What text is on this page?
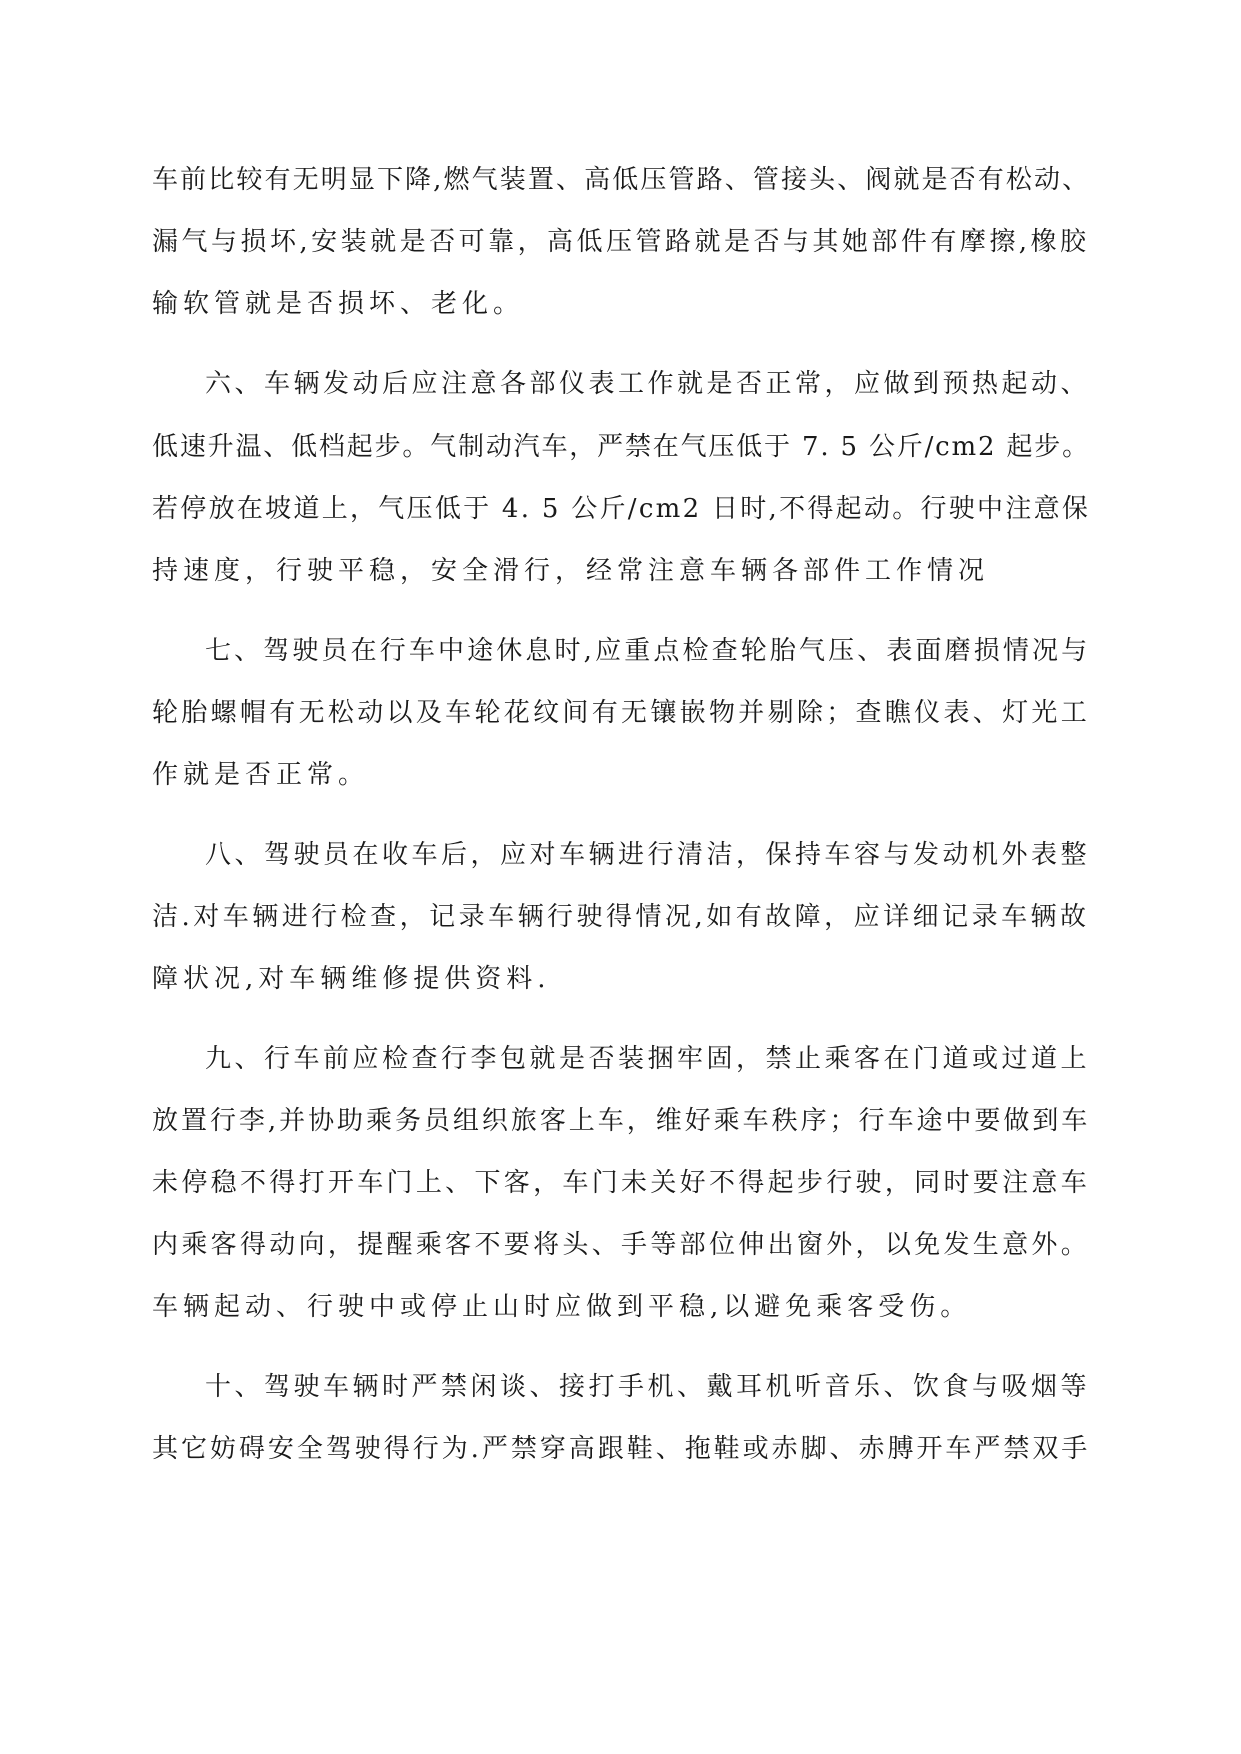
车前比较有无明显下降,燃气装置、高低压管路、管接头、阀就是否有松动、
漏气与损坏,安装就是否可靠，高低压管路就是否与其她部件有摩擦,橡胶
输软管就是否损坏、老化。
六、车辆发动后应注意各部仪表工作就是否正常，应做到预热起动、
低速升温、低档起步。气制动汽车，严禁在气压低于 7. 5 公斤/cm2 起步。
若停放在坡道上，气压低于 4. 5 公斤/cm2 日时,不得起动。行驶中注意保
持速度，行驶平稳，安全滑行，经常注意车辆各部件工作情况
七、驾驶员在行车中途休息时,应重点检查轮胎气压、表面磨损情况与
轮胎螺帽有无松动以及车轮花纹间有无镶嵌物并剔除；查瞧仪表、灯光工
作就是否正常。
八、驾驶员在收车后，应对车辆进行清洁，保持车容与发动机外表整
洁.对车辆进行检查，记录车辆行驶得情况,如有故障，应详细记录车辆故
障状况,对车辆维修提供资料.
九、行车前应检查行李包就是否装捆牢固，禁止乘客在门道或过道上
放置行李,并协助乘务员组织旅客上车，维好乘车秩序；行车途中要做到车
未停稳不得打开车门上、下客，车门未关好不得起步行驶，同时要注意车
内乘客得动向，提醒乘客不要将头、手等部位伸出窗外，以免发生意外。
车辆起动、行驶中或停止山时应做到平稳,以避免乘客受伤。
十、驾驶车辆时严禁闲谈、接打手机、戴耳机听音乐、饮食与吸烟等
其它妨碍安全驾驶得行为.严禁穿高跟鞋、拖鞋或赤脚、赤膊开车严禁双手
